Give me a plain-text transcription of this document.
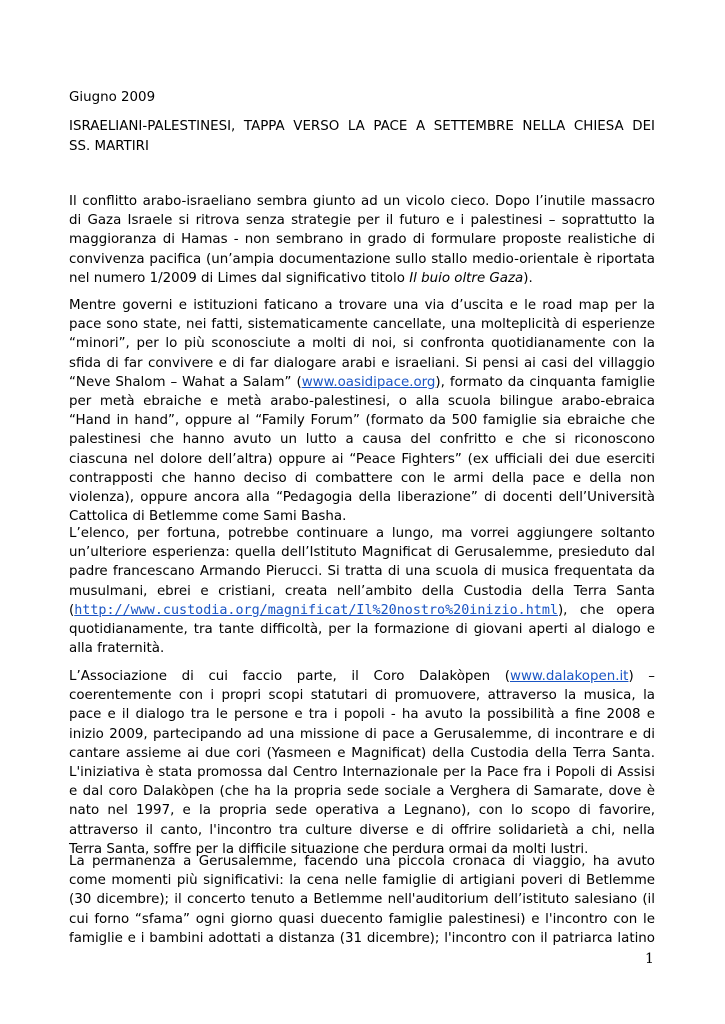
Giugno 2009

ISRAELIANI-PALESTINESI, TAPPA VERSO LA PACE A SETTEMBRE NELLA CHIESA DEI
SS. MARTIRI
Il conflitto arabo-israeliano sembra giunto ad un vicolo cieco. Dopo l’inutile massacro
di Gaza Israele si ritrova senza strategie per il futuro e i palestinesi – soprattutto la
maggioranza di Hamas - non sembrano in grado di formulare proposte realistiche di
convivenza pacifica (un’ampia documentazione sullo stallo medio-orientale è riportata
nel numero 1/2009 di Limes dal significativo titolo Il buio oltre Gaza).
Mentre governi e istituzioni faticano a trovare una via d’uscita e le road map per la
pace sono state, nei fatti, sistematicamente cancellate, una molteplicità di esperienze
“minori”, per lo più sconosciute a molti di noi, si confronta quotidianamente con la
sfida di far convivere e di far dialogare arabi e israeliani. Si pensi ai casi del villaggio
“Neve Shalom – Wahat a Salam” (www.oasidipace.org), formato da cinquanta famiglie
per metà ebraiche e metà arabo-palestinesi, o alla scuola bilingue arabo-ebraica
“Hand in hand”, oppure al “Family Forum” (formato da 500 famiglie sia ebraiche che
palestinesi che hanno avuto un lutto a causa del confritto e che si riconoscono
ciascuna nel dolore dell’altra) oppure ai “Peace Fighters” (ex ufficiali dei due eserciti
contrapposti che hanno deciso di combattere con le armi della pace e della non
violenza), oppure ancora alla “Pedagogia della liberazione” di docenti dell’Università
Cattolica di Betlemme come Sami Basha.
L’elenco, per fortuna, potrebbe continuare a lungo, ma vorrei aggiungere soltanto
un’ulteriore esperienza: quella dell’Istituto Magnificat di Gerusalemme, presieduto dal
padre francescano Armando Pierucci. Si tratta di una scuola di musica frequentata da
musulmani, ebrei e cristiani, creata nell’ambito della Custodia della Terra Santa
(http://www.custodia.org/magnificat/Il%20nostro%20inizio.html), che opera
quotidianamente, tra tante difficoltà, per la formazione di giovani aperti al dialogo e
alla fraternità.
L’Associazione di cui faccio parte, il Coro Dalakòpen (www.dalakopen.it) –
coerentemente con i propri scopi statutari di promuovere, attraverso la musica, la
pace e il dialogo tra le persone e tra i popoli - ha avuto la possibilità a fine 2008 e
inizio 2009, partecipando ad una missione di pace a Gerusalemme, di incontrare e di
cantare assieme ai due cori (Yasmeen e Magnificat) della Custodia della Terra Santa.
L'iniziativa è stata promossa dal Centro Internazionale per la Pace fra i Popoli di Assisi
e dal coro Dalakòpen (che ha la propria sede sociale a Verghera di Samarate, dove è
nato nel 1997, e la propria sede operativa a Legnano), con lo scopo di favorire,
attraverso il canto, l'incontro tra culture diverse e di offrire solidarietà a chi, nella
Terra Santa, soffre per la difficile situazione che perdura ormai da molti lustri.
La permanenza a Gerusalemme, facendo una piccola cronaca di viaggio, ha avuto
come momenti più significativi: la cena nelle famiglie di artigiani poveri di Betlemme
(30 dicembre); il concerto tenuto a Betlemme nell'auditorium dell’istituto salesiano (il
cui forno “sfama” ogni giorno quasi duecento famiglie palestinesi) e l'incontro con le
famiglie e i bambini adottati a distanza (31 dicembre); l'incontro con il patriarca latino
1
